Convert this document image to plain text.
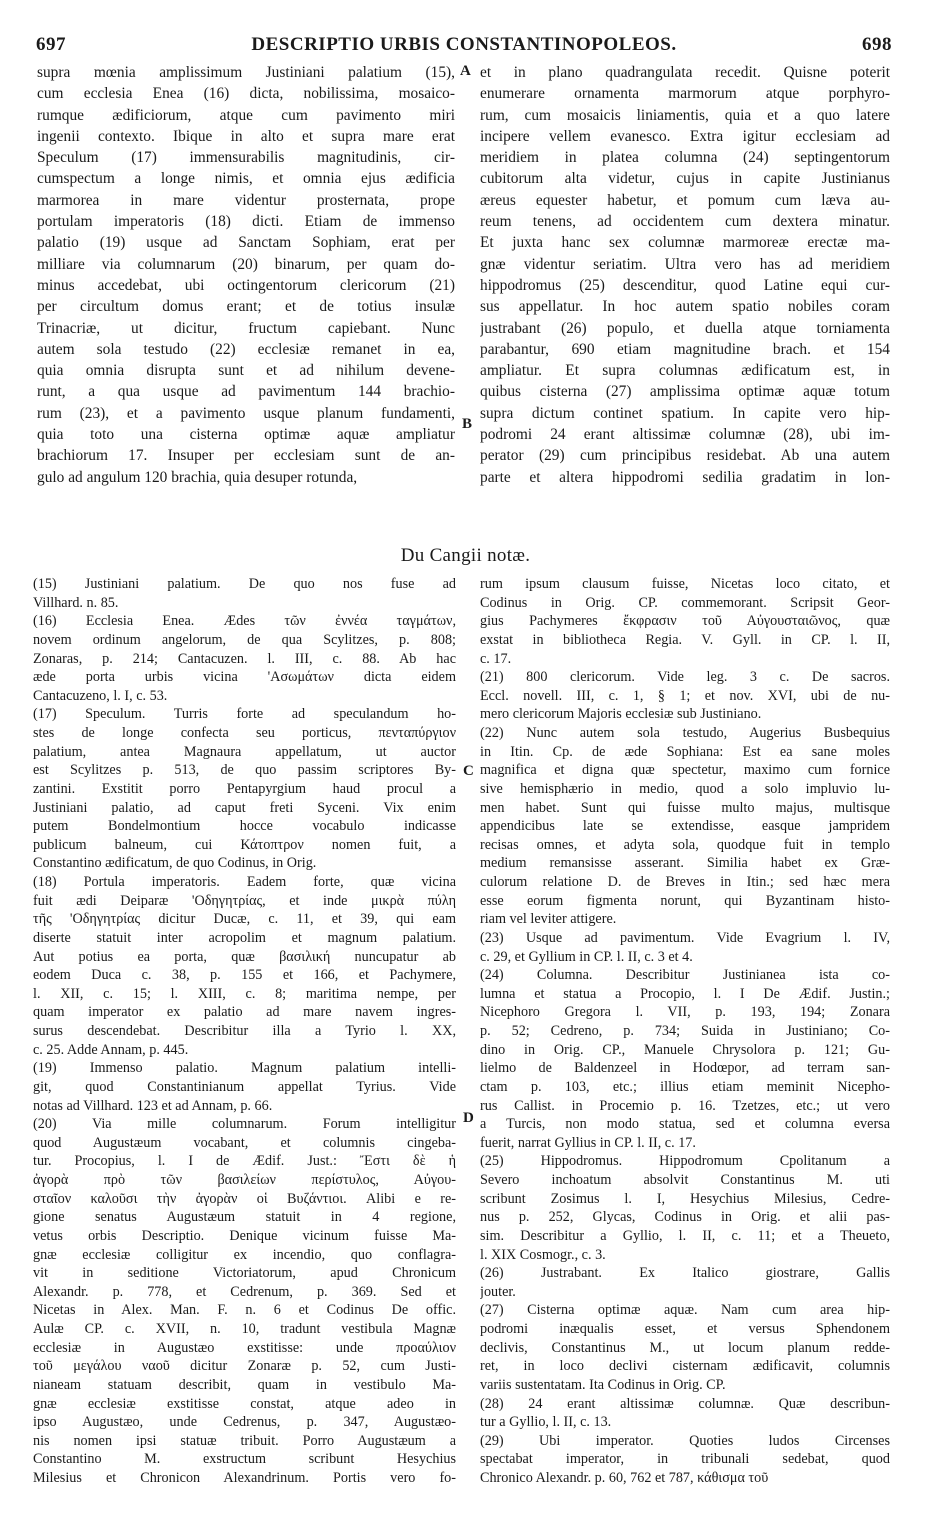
697	DESCRIPTIO URBIS CONSTANTINOPOLEOS.	698
supra mœnia amplissimum Justiniani palatium (15),
cum ecclesia Enea (16) dicta, nobilissima, mosaico-
rumque ædificiorum, atque cum pavimento miri
ingenii contexto. Ibique in alto et supra mare erat
Speculum (17) immensurabilis magnitudinis, cir-
cumspectum a longe nimis, et omnia ejus ædificia
marmorea in mare videntur prosternata, prope
portulam imperatoris (18) dicti. Etiam de immenso
palatio (19) usque ad Sanctam Sophiam, erat per
milliare via columnarum (20) binarum, per quam do-
minus accedebat, ubi octingentorum clericorum (21)
per circultum domus erant; et de totius insulæ
Trinacriæ, ut dicitur, fructum capiebant. Nunc
autem sola testudo (22) ecclesiæ remanet in ea,
quia omnia disrupta sunt et ad nihilum devene-
runt, a qua usque ad pavimentum 144 brachio-
rum (23), et a pavimento usque planum fundamenti,
quia toto una cisterna optimæ aquæ ampliatur
brachiorum 17. Insuper per ecclesiam sunt de an-
gulo ad angulum 120 brachia, quia desuper rotunda,
et in plano quadrangulata recedit. Quisne poterit
enumerare ornamenta marmorum atque porphyro-
rum, cum mosaicis liniamentis, quia et a quo latere
incipere vellem evanesco. Extra igitur ecclesiam ad
meridiem in platea columna (24) septingentorum
cubitorum alta videtur, cujus in capite Justinianus
æreus equester habetur, et pomum cum læva au-
reum tenens, ad occidentem cum dextera minatur.
Et juxta hanc sex columnæ marmoreæ erectæ ma-
gnæ videntur seriatim. Ultra vero has ad meridiem
hippodromus (25) descenditur, quod Latine equi cur-
sus appellatur. In hoc autem spatio nobiles coram
justrabant (26) populo, et duella atque torniamenta
parabantur, 690 etiam magnitudine brach. et 154
ampliatur. Et supra columnas ædificatum est, in
quibus cisterna (27) amplissima optimæ aquæ totum
supra dictum continet spatium. In capite vero hip-
podromi 24 erant altissimæ columnæ (28), ubi im-
perator (29) cum principibus residebat. Ab una autem
parte et altera hippodromi sedilia gradatim in lon-
Du Cangii notæ.
(15) Justiniani palatium. De quo nos fuse ad
Villhard. n. 85.
(16) Ecclesia Enea. Ædes τῶν ἐννέα ταγμάτων,
novem ordinum angelorum, de qua Scylitzes, p. 808;
Zonaras, p. 214; Cantacuzen. l. III, c. 88. Ab hac
æde porta urbis vicina 'Ασωμάτων dicta eidem
Cantacuzeno, l. I, c. 53.
(17) Speculum. Turris forte ad speculandum ho-
stes de longe confecta seu porticus, πενταπύργιον
palatium, antea Magnaura appellatum, ut auctor
est Scylitzes p. 513, de quo passim scriptores By-
zantini. Exstitit porro Pentapyrgium haud procul a
Justiniani palatio, ad caput freti Syceni. Vix enim
putem Bondelmontium hocce vocabulo indicasse
publicum balneum, cui Κάτοπτρον nomen fuit, a
Constantino ædificatum, de quo Codinus, in Orig.
(18) Portula imperatoris. Eadem forte, quæ vicina
fuit ædi Deiparæ 'Οδηγητρίας, et inde μικρὰ πύλη
τῆς 'Οδηγητρίας dicitur Ducæ, c. 11, et 39, qui eam
diserte statuit inter acropolim et magnum palatium.
Aut potius ea porta, quæ βασιλική nuncupatur ab
eodem Duca c. 38, p. 155 et 166, et Pachymere,
l. XII, c. 15; l. XIII, c. 8; maritima nempe, per
quam imperator ex palatio ad mare navem ingres-
surus descendebat. Describitur illa a Tyrio l. XX,
c. 25. Adde Annam, p. 445.
(19) Immenso palatio. Magnum palatium intelli-
git, quod Constantinianum appellat Tyrius. Vide
notas ad Villhard. 123 et ad Annam, p. 66.
(20) Via mille columnarum. Forum intelligitur
quod Augustæum vocabant, et columnis cingeba-
tur. Procopius, l. I de Ædif. Just.: Ἔστι δὲ ἡ
ἀγορὰ πρὸ τῶν βασιλείων περίστυλος, Αὐγου-
σταῖον καλοῦσι τὴν ἀγορὰν οἱ Βυζάντιοι. Alibi e re-
gione senatus Augustæum statuit in 4 regione,
vetus orbis Descriptio. Denique vicinum fuisse Ma-
gnæ ecclesiæ colligitur ex incendio, quo conflagra-
vit in seditione Victoriatorum, apud Chronicum
Alexandr. p. 778, et Cedrenum, p. 369. Sed et
Nicetas in Alex. Man. F. n. 6 et Codinus De offic.
Aulæ CP. c. XVII, n. 10, tradunt vestibula Magnæ
ecclesiæ in Augustæo exstitisse: unde προαύλιον
τοῦ μεγάλου ναοῦ dicitur Zonaræ p. 52, cum Justi-
nianeam statuam describit, quam in vestibulo Ma-
gnæ ecclesiæ exstitisse constat, atque adeo in
ipso Augustæo, unde Cedrenus, p. 347, Augustæo-
nis nomen ipsi statuæ tribuit. Porro Augustæum a
Constantino M. exstructum scribunt Hesychius
Milesius et Chronicon Alexandrinum. Portis vero fo-
rum ipsum clausum fuisse, Nicetas loco citato, et
Codinus in Orig. CP. commemorant. Scripsit Geor-
gius Pachymeres ἔκφρασιν τοῦ Αὐγουσταιῶνος, quæ
exstat in bibliotheca Regia. V. Gyll. in CP. l. II,
c. 17.
(21) 800 clericorum. Vide leg. 3 c. De sacros.
Eccl. novell. III, c. 1, § 1; et nov. XVI, ubi de nu-
mero clericorum Majoris ecclesiæ sub Justiniano.
(22) Nunc autem sola testudo, Augerius Busbequius
in Itin. Cp. de æde Sophiana: Est ea sane moles
magnifica et digna quæ spectetur, maximo cum fornice
sive hemisphærio in medio, quod a solo impluvio lu-
men habet. Sunt qui fuisse multo majus, multisque
appendicibus late se extendisse, easque jampridem
recisas omnes, et adyta sola, quodque fuit in templo
medium remansisse asserant. Similia habet ex Græ-
culorum relatione D. de Breves in Itin.; sed hæc mera
esse eorum figmenta norunt, qui Byzantinam histo-
riam vel leviter attigere.
(23) Usque ad pavimentum. Vide Evagrium l. IV,
c. 29, et Gyllium in CP. l. II, c. 3 et 4.
(24) Columna. Describitur Justinianea ista co-
lumna et statua a Procopio, l. I De Ædif. Justin.;
Nicephoro Gregora l. VII, p. 193, 194; Zonara
p. 52; Cedreno, p. 734; Suida in Justiniano; Co-
dino in Orig. CP., Manuele Chrysolora p. 121; Gu-
lielmo de Baldenzeel in Hodœpor, ad terram san-
ctam p. 103, etc.; illius etiam meminit Nicepho-
rus Callist. in Procemio p. 16. Tzetzes, etc.; ut vero
a Turcis, non modo statua, sed et columna eversa
fuerit, narrat Gyllius in CP. l. II, c. 17.
(25) Hippodromus. Hippodromum Cpolitanum a
Severo inchoatum absolvit Constantinus M. uti
scribunt Zosimus l. I, Hesychius Milesius, Cedre-
nus p. 252, Glycas, Codinus in Orig. et alii pas-
sim. Describitur a Gyllio, l. II, c. 11; et a Theueto,
l. XIX Cosmogr., c. 3.
(26) Justrabant. Ex Italico giostrare, Gallis
jouter.
(27) Cisterna optimæ aquæ. Nam cum area hip-
podromi inæqualis esset, et versus Sphendonem
declivis, Constantinus M., ut locum planum redde-
ret, in loco declivi cisternam ædificavit, columnis
variis sustentatam. Ita Codinus in Orig. CP.
(28) 24 erant altissimæ columnæ. Quæ describun-
tur a Gyllio, l. II, c. 13.
(29) Ubi imperator. Quoties ludos Circenses
spectabat imperator, in tribunali sedebat, quod
Chronico Alexandr. p. 60, 762 et 787, κάθισμα τοῦ
A
B
C
D
